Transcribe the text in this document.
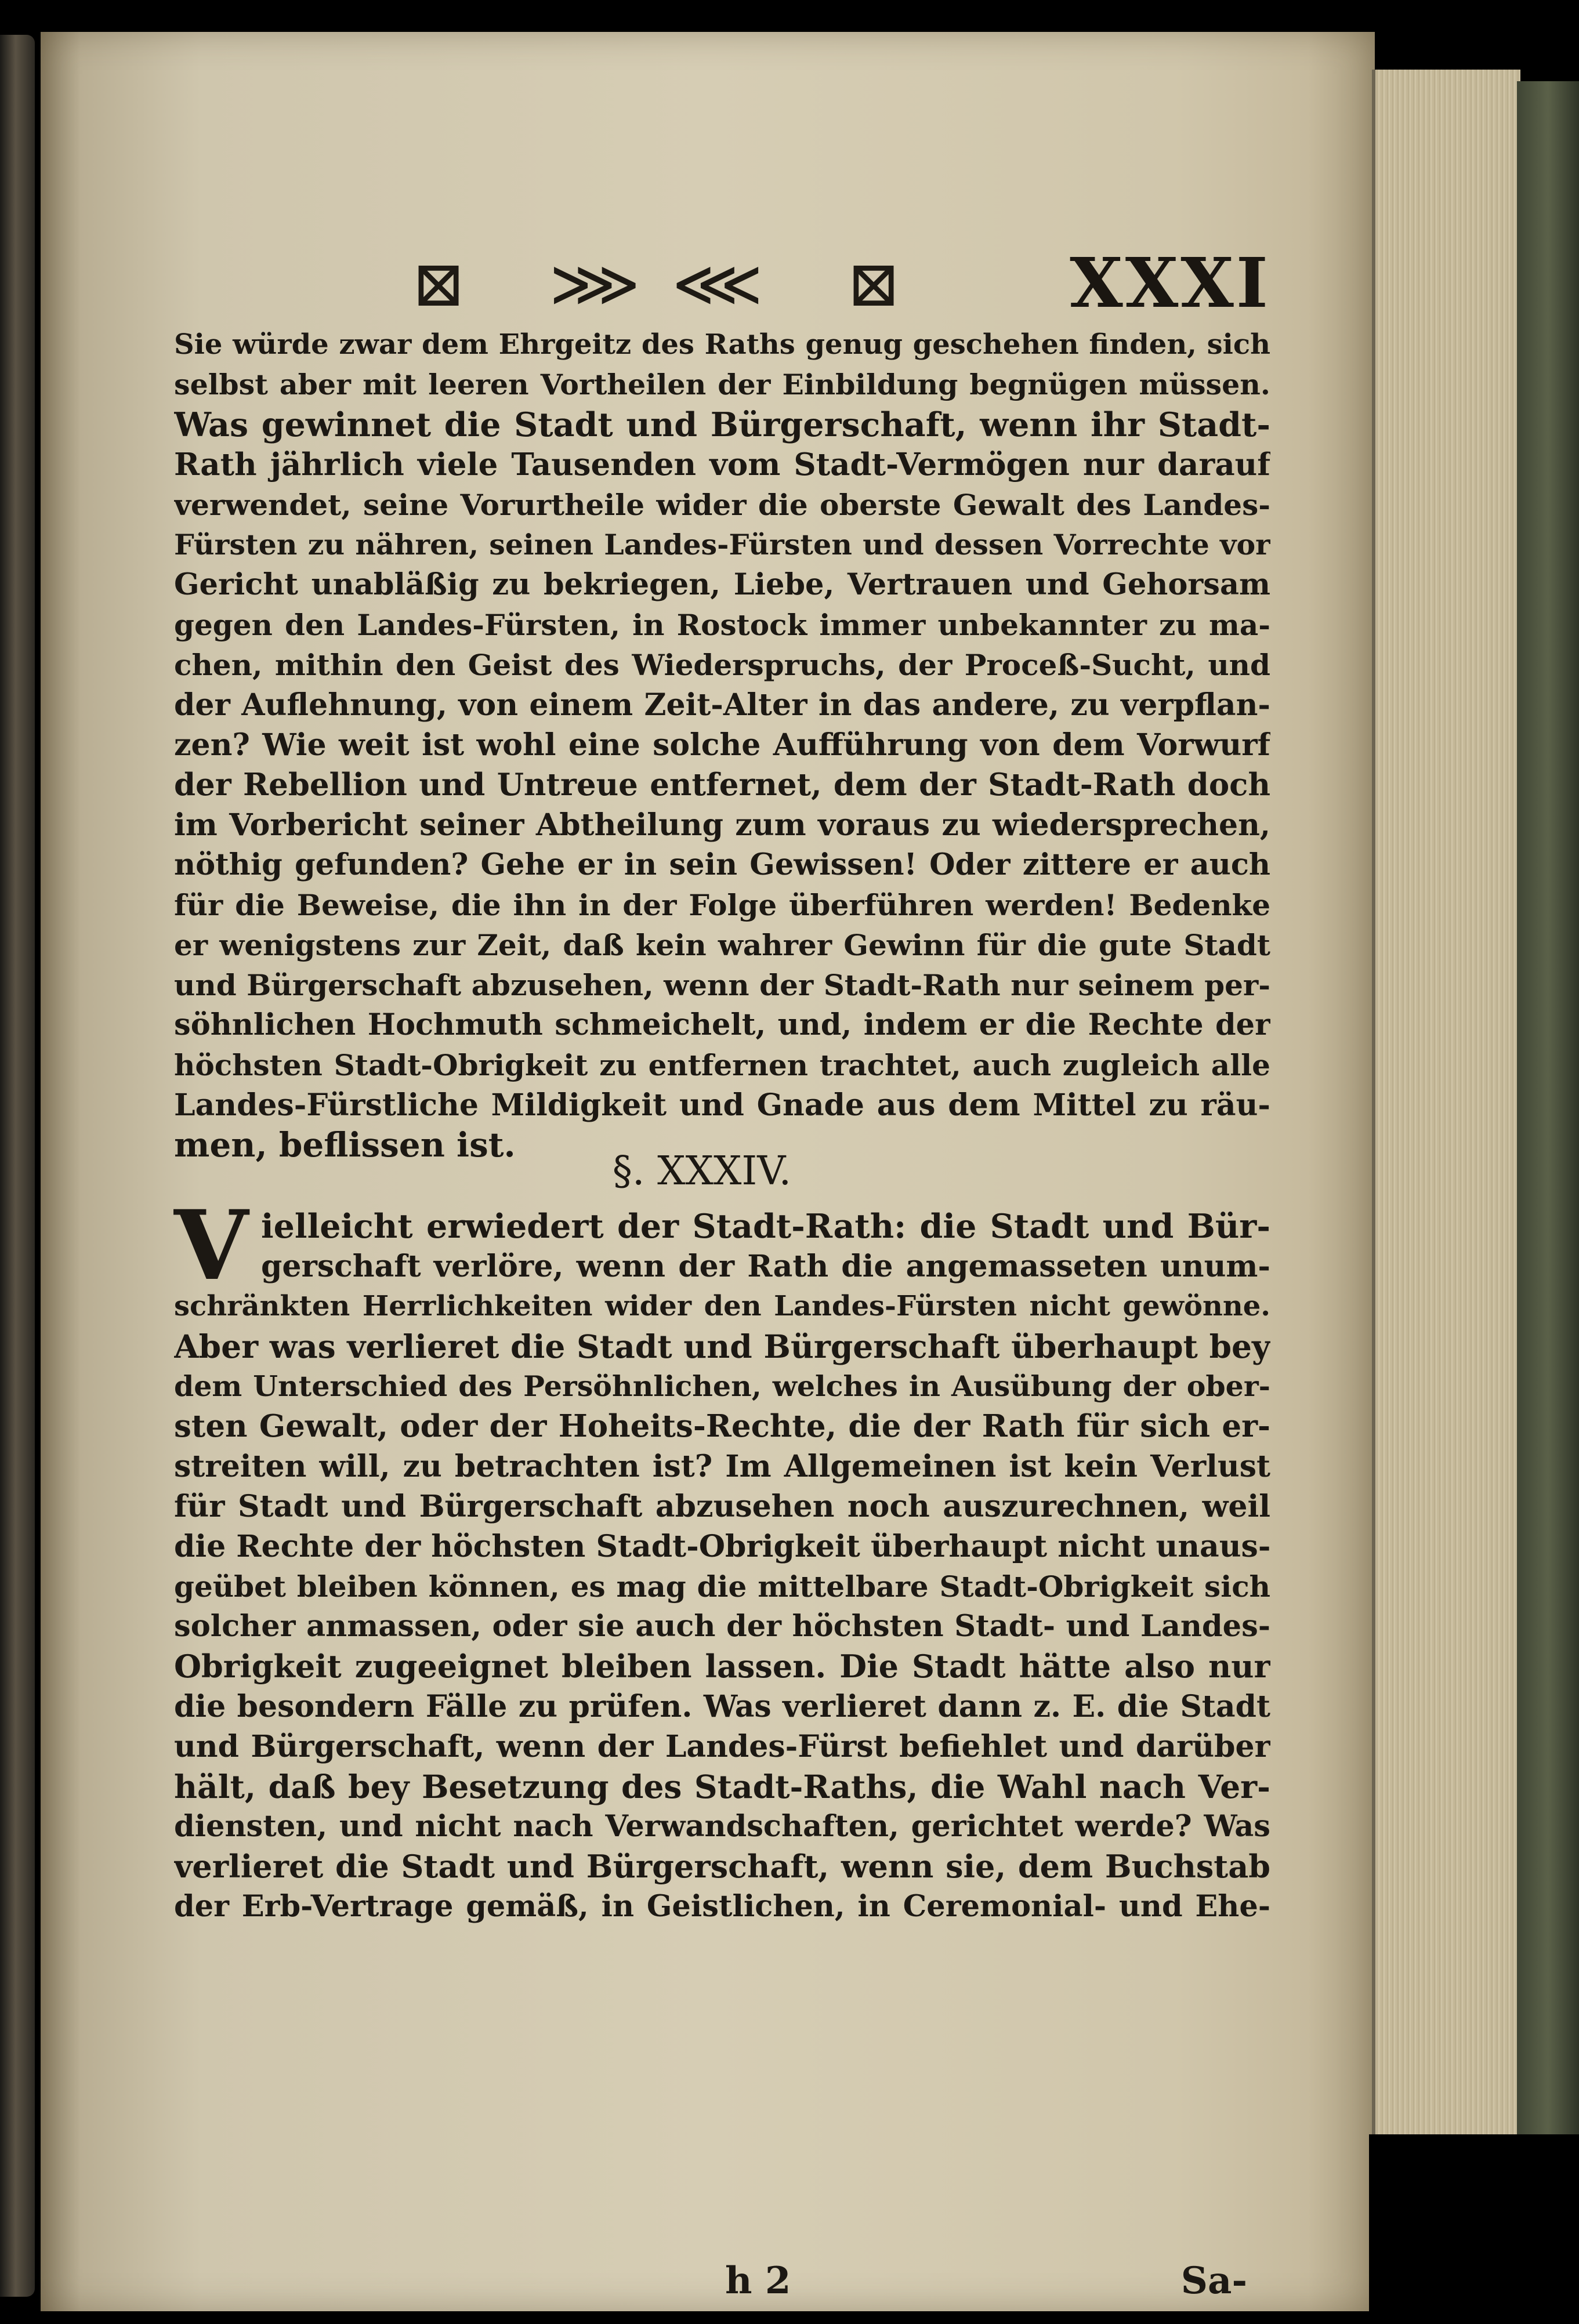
⊠ ⋙⋘ ⊠ XXXI
Sie würde zwar dem Ehrgeitz des Raths genug geschehen finden, sich
selbst aber mit leeren Vortheilen der Einbildung begnügen müssen.
Was gewinnet die Stadt und Bürgerschaft, wenn ihr Stadt-
Rath jährlich viele Tausenden vom Stadt-Vermögen nur darauf
verwendet, seine Vorurtheile wider die oberste Gewalt des Landes-
Fürsten zu nähren, seinen Landes-Fürsten und dessen Vorrechte vor
Gericht unabläßig zu bekriegen, Liebe, Vertrauen und Gehorsam
gegen den Landes-Fürsten, in Rostock immer unbekannter zu ma-
chen, mithin den Geist des Wiederspruchs, der Proceß-Sucht, und
der Auflehnung, von einem Zeit-Alter in das andere, zu verpflan-
zen? Wie weit ist wohl eine solche Aufführung von dem Vorwurf
der Rebellion und Untreue entfernet, dem der Stadt-Rath doch
im Vorbericht seiner Abtheilung zum voraus zu wiedersprechen,
nöthig gefunden? Gehe er in sein Gewissen! Oder zittere er auch
für die Beweise, die ihn in der Folge überführen werden! Bedenke
er wenigstens zur Zeit, daß kein wahrer Gewinn für die gute Stadt
und Bürgerschaft abzusehen, wenn der Stadt-Rath nur seinem per-
söhnlichen Hochmuth schmeichelt, und, indem er die Rechte der
höchsten Stadt-Obrigkeit zu entfernen trachtet, auch zugleich alle
Landes-Fürstliche Mildigkeit und Gnade aus dem Mittel zu räu-
men, beflissen ist.
§. XXXIV.
V ielleicht erwiedert der Stadt-Rath: die Stadt und Bür-
gerschaft verlöre, wenn der Rath die angemasseten unum-
schränkten Herrlichkeiten wider den Landes-Fürsten nicht gewönne.
Aber was verlieret die Stadt und Bürgerschaft überhaupt bey
dem Unterschied des Persöhnlichen, welches in Ausübung der ober-
sten Gewalt, oder der Hoheits-Rechte, die der Rath für sich er-
streiten will, zu betrachten ist? Im Allgemeinen ist kein Verlust
für Stadt und Bürgerschaft abzusehen noch auszurechnen, weil
die Rechte der höchsten Stadt-Obrigkeit überhaupt nicht unaus-
geübet bleiben können, es mag die mittelbare Stadt-Obrigkeit sich
solcher anmassen, oder sie auch der höchsten Stadt- und Landes-
Obrigkeit zugeeignet bleiben lassen. Die Stadt hätte also nur
die besondern Fälle zu prüfen. Was verlieret dann z. E. die Stadt
und Bürgerschaft, wenn der Landes-Fürst befiehlet und darüber
hält, daß bey Besetzung des Stadt-Raths, die Wahl nach Ver-
diensten, und nicht nach Verwandschaften, gerichtet werde? Was
verlieret die Stadt und Bürgerschaft, wenn sie, dem Buchstab
der Erb-Vertrage gemäß, in Geistlichen, in Ceremonial- und Ehe-
h 2	Sa-
